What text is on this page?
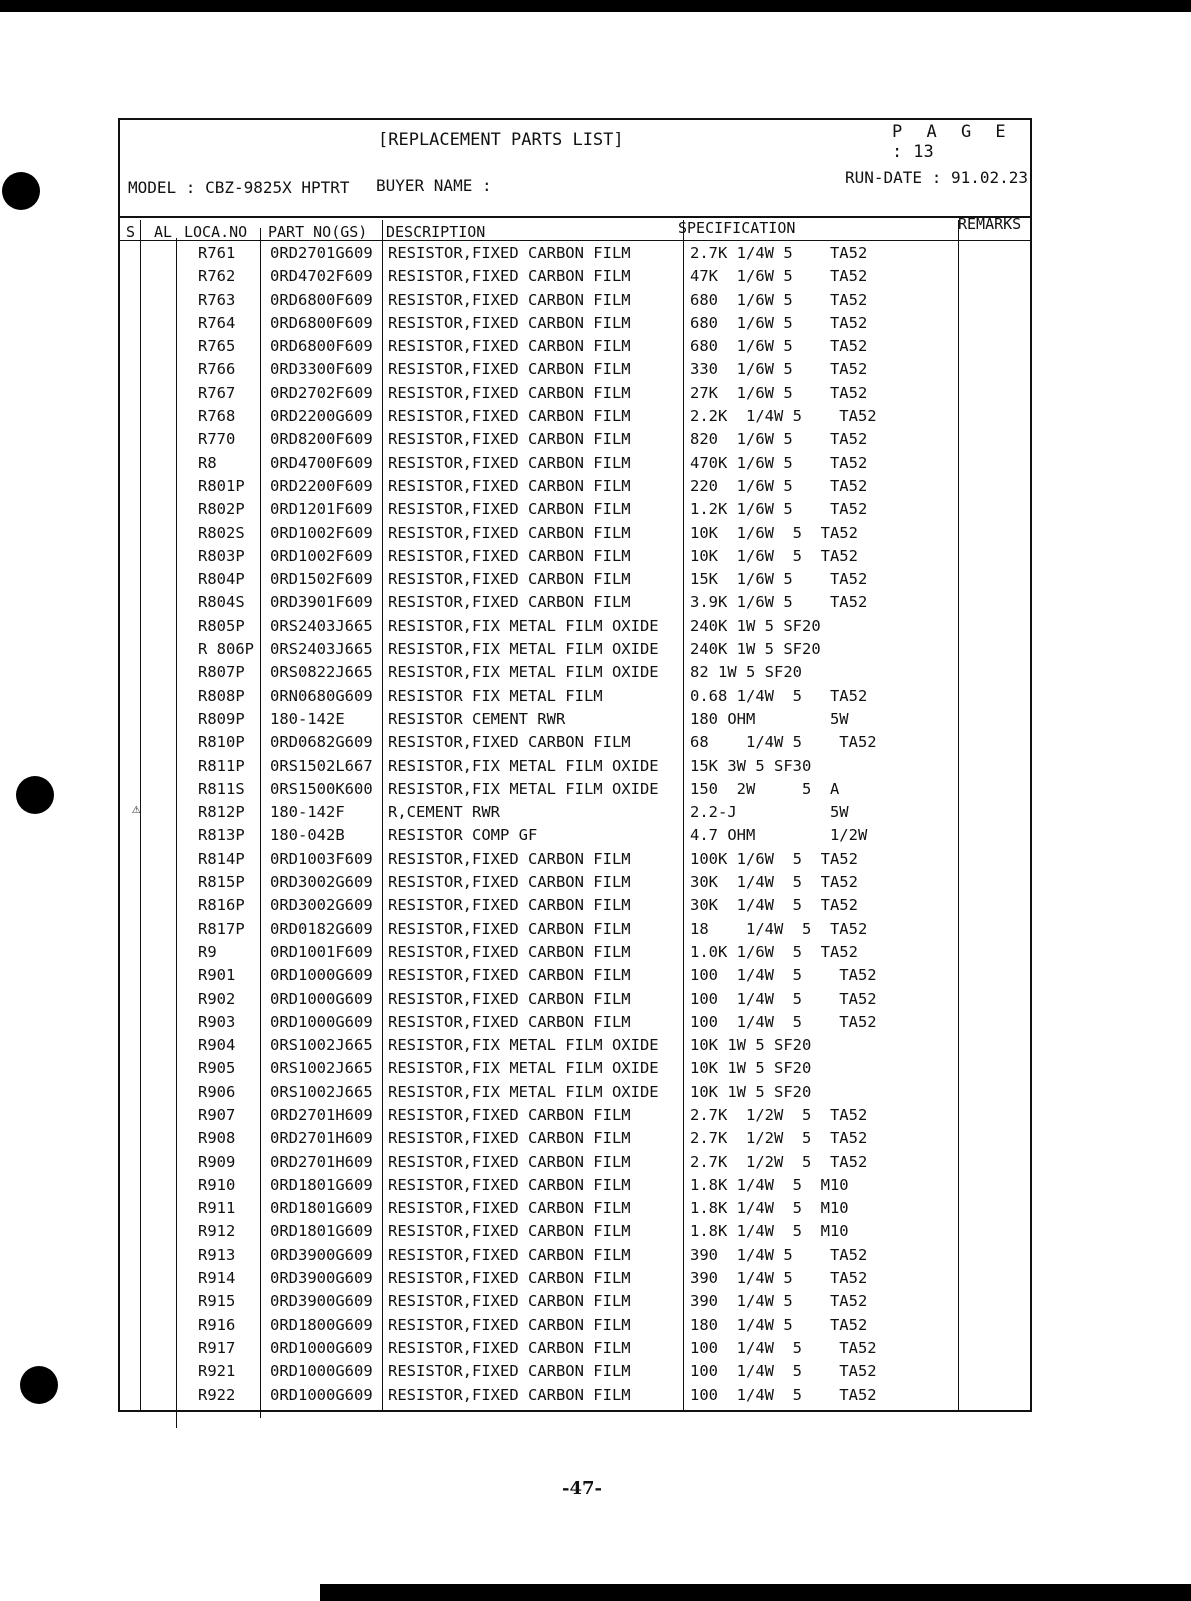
[REPLACEMENT PARTS LIST]	P A G E : 13
MODEL : CBZ-9825X HPTRT BUYER NAME :	RUN-DATE : 91.02.23
S AL LOCA.NO PART NO(GS) DESCRIPTION	SPECIFICATION	REMARKS
R761 0RD2701G609 RESISTOR,FIXED CARBON FILM	2.7K 1/4W 5    TA52
R762 0RD4702F609 RESISTOR,FIXED CARBON FILM	47K  1/6W 5    TA52
R763 0RD6800F609 RESISTOR,FIXED CARBON FILM	680  1/6W 5    TA52
R764 0RD6800F609 RESISTOR,FIXED CARBON FILM	680  1/6W 5    TA52
R765 0RD6800F609 RESISTOR,FIXED CARBON FILM	680  1/6W 5    TA52
R766 0RD3300F609 RESISTOR,FIXED CARBON FILM	330  1/6W 5    TA52
R767 0RD2702F609 RESISTOR,FIXED CARBON FILM	27K  1/6W 5    TA52
R768 0RD2200G609 RESISTOR,FIXED CARBON FILM	2.2K  1/4W 5    TA52
R770 0RD8200F609 RESISTOR,FIXED CARBON FILM	820  1/6W 5    TA52
R8	0RD4700F609 RESISTOR,FIXED CARBON FILM	470K 1/6W 5    TA52
R801P 0RD2200F609 RESISTOR,FIXED CARBON FILM	220  1/6W 5    TA52
R802P 0RD1201F609 RESISTOR,FIXED CARBON FILM	1.2K 1/6W 5    TA52
R802S 0RD1002F609 RESISTOR,FIXED CARBON FILM	10K  1/6W  5  TA52
R803P 0RD1002F609 RESISTOR,FIXED CARBON FILM	10K  1/6W  5  TA52
R804P 0RD1502F609 RESISTOR,FIXED CARBON FILM	15K  1/6W 5    TA52
R804S 0RD3901F609 RESISTOR,FIXED CARBON FILM	3.9K 1/6W 5    TA52
R805P 0RS2403J665 RESISTOR,FIX METAL FILM OXIDE 240K 1W 5 SF20
R 806P 0RS2403J665 RESISTOR,FIX METAL FILM OXIDE 240K 1W 5 SF20
R807P 0RS0822J665 RESISTOR,FIX METAL FILM OXIDE 82 1W 5 SF20
R808P 0RN0680G609 RESISTOR FIX METAL FILM	0.68 1/4W  5   TA52
R809P 180-142E	RESISTOR CEMENT RWR	180 OHM        5W
R810P 0RD0682G609 RESISTOR,FIXED CARBON FILM	68    1/4W 5    TA52
R811P 0RS1502L667 RESISTOR,FIX METAL FILM OXIDE 15K 3W 5 SF30
R811S 0RS1500K600 RESISTOR,FIX METAL FILM OXIDE 150  2W     5  A
⚠	R812P 180-142F	R,CEMENT RWR	2.2-J          5W
R813P 180-042B	RESISTOR COMP GF	4.7 OHM        1/2W
R814P 0RD1003F609 RESISTOR,FIXED CARBON FILM	100K 1/6W  5  TA52
R815P 0RD3002G609 RESISTOR,FIXED CARBON FILM	30K  1/4W  5  TA52
R816P 0RD3002G609 RESISTOR,FIXED CARBON FILM	30K  1/4W  5  TA52
R817P 0RD0182G609 RESISTOR,FIXED CARBON FILM	18    1/4W  5  TA52
R9	0RD1001F609 RESISTOR,FIXED CARBON FILM	1.0K 1/6W  5  TA52
R901 0RD1000G609 RESISTOR,FIXED CARBON FILM	100  1/4W  5    TA52
R902 0RD1000G609 RESISTOR,FIXED CARBON FILM	100  1/4W  5    TA52
R903 0RD1000G609 RESISTOR,FIXED CARBON FILM	100  1/4W  5    TA52
R904 0RS1002J665 RESISTOR,FIX METAL FILM OXIDE 10K 1W 5 SF20
R905 0RS1002J665 RESISTOR,FIX METAL FILM OXIDE 10K 1W 5 SF20
R906 0RS1002J665 RESISTOR,FIX METAL FILM OXIDE 10K 1W 5 SF20
R907 0RD2701H609 RESISTOR,FIXED CARBON FILM	2.7K  1/2W  5  TA52
R908 0RD2701H609 RESISTOR,FIXED CARBON FILM	2.7K  1/2W  5  TA52
R909 0RD2701H609 RESISTOR,FIXED CARBON FILM	2.7K  1/2W  5  TA52
R910 0RD1801G609 RESISTOR,FIXED CARBON FILM	1.8K 1/4W  5  M10
R911 0RD1801G609 RESISTOR,FIXED CARBON FILM	1.8K 1/4W  5  M10
R912 0RD1801G609 RESISTOR,FIXED CARBON FILM	1.8K 1/4W  5  M10
R913 0RD3900G609 RESISTOR,FIXED CARBON FILM	390  1/4W 5    TA52
R914 0RD3900G609 RESISTOR,FIXED CARBON FILM	390  1/4W 5    TA52
R915 0RD3900G609 RESISTOR,FIXED CARBON FILM	390  1/4W 5    TA52
R916 0RD1800G609 RESISTOR,FIXED CARBON FILM	180  1/4W 5    TA52
R917 0RD1000G609 RESISTOR,FIXED CARBON FILM	100  1/4W  5    TA52
R921 0RD1000G609 RESISTOR,FIXED CARBON FILM	100  1/4W  5    TA52
R922 0RD1000G609 RESISTOR,FIXED CARBON FILM	100  1/4W  5    TA52
-47-
